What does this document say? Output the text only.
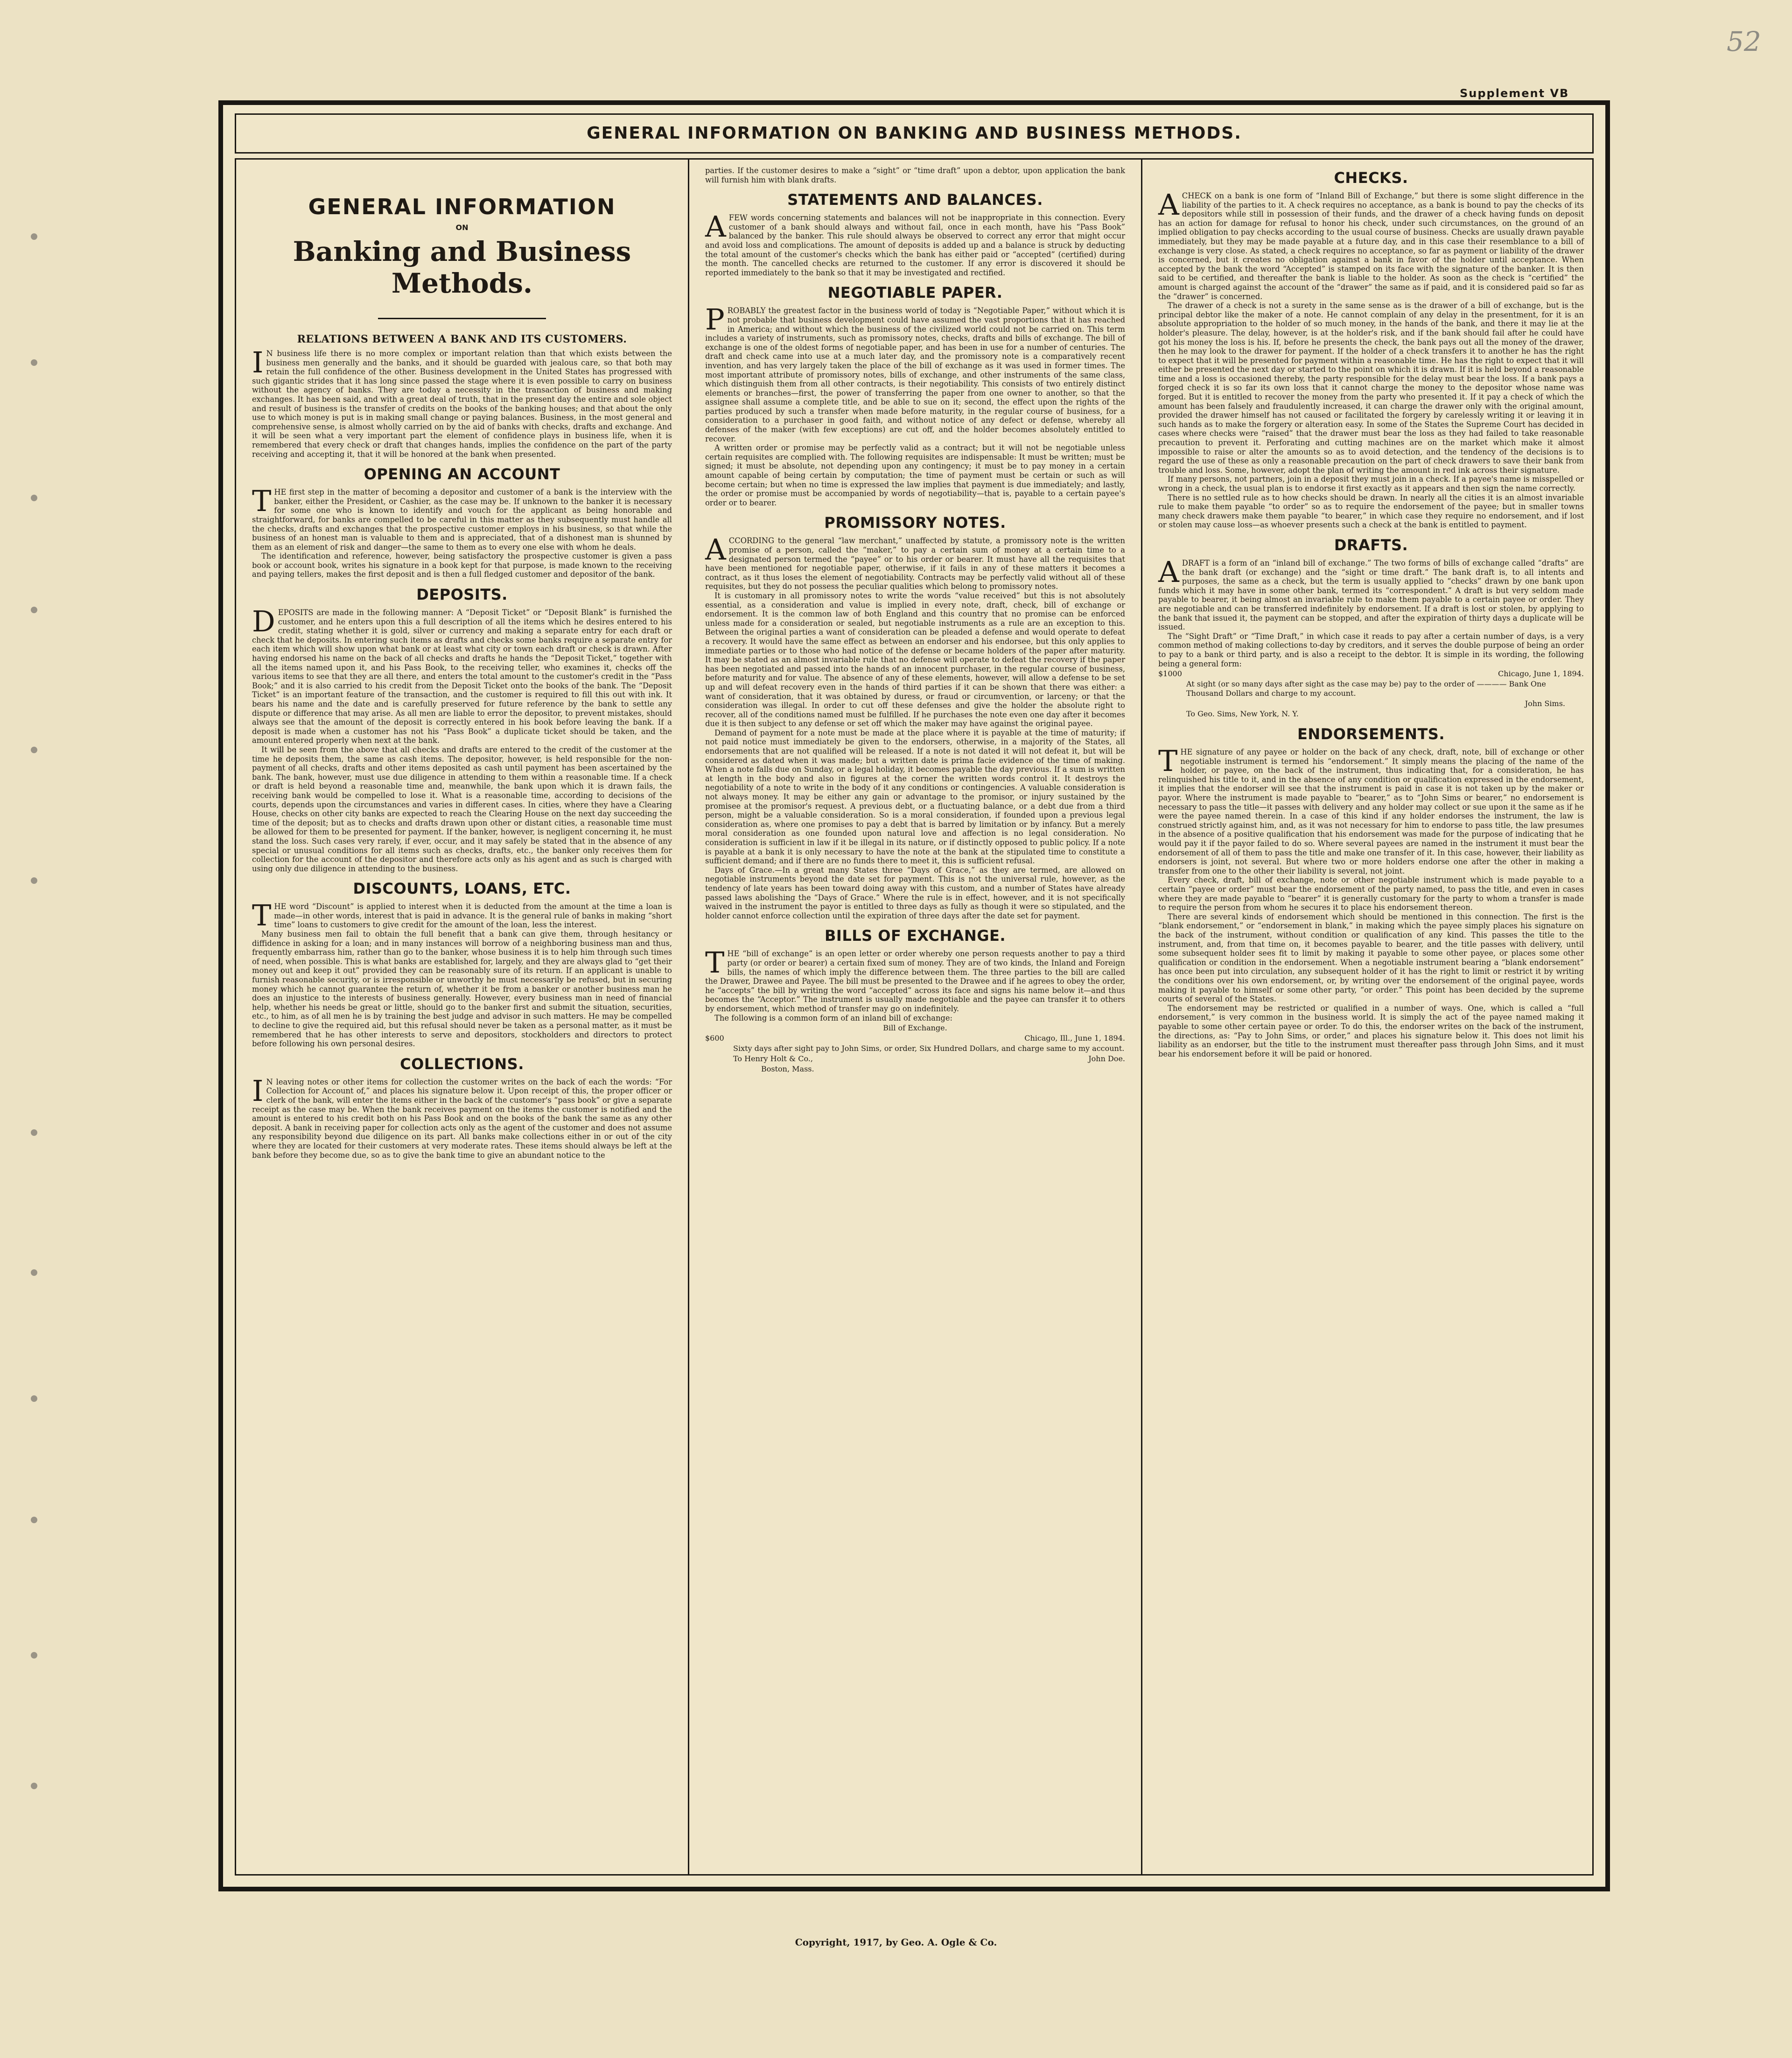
52
Supplement VB
GENERAL INFORMATION ON BANKING AND BUSINESS METHODS.
GENERAL INFORMATION
ON
Banking and Business Methods.
RELATIONS BETWEEN A BANK AND ITS CUSTOMERS.

I N business life there is no more complex or important relation than that which exists between the business men generally and the banks, and it should be guarded with jealous care, so that both may retain the full confidence of the other. Business development in the United States has progressed with such gigantic strides that it has long since passed the stage where it is even possible to carry on business without the agency of banks. They are today a necessity in the transaction of business and making exchanges. It has been said, and with a great deal of truth, that in the present day the entire and sole object and result of business is the transfer of credits on the books of the banking houses; and that about the only use to which money is put is in making small change or paying balances. Business, in the most general and comprehensive sense, is almost wholly carried on by the aid of banks with checks, drafts and exchange. And it will be seen what a very important part the element of confidence plays in business life, when it is remembered that every check or draft that changes hands, implies the confidence on the part of the party receiving and accepting it, that it will be honored at the bank when presented.

OPENING AN ACCOUNT

THE first step in the matter of becoming a depositor and customer of a bank is the interview with the banker, either the President, or Cashier, as the case may be. If unknown to the banker it is necessary for some one who is known to identify and vouch for the applicant as being honorable and straightforward, for banks are compelled to be careful in this matter as they subsequently must handle all the checks, drafts and exchanges that the prospective customer employs in his business, so that while the business of an honest man is valuable to them and is appreciated, that of a dishonest man is shunned by them as an element of risk and danger—the same to them as to every one else with whom he deals.

The identification and reference, however, being satisfactory the prospective customer is given a pass book or account book, writes his signature in a book kept for that purpose, is made known to the receiving and paying tellers, makes the first deposit and is then a full fledged customer and depositor of the bank.

DEPOSITS.

DEPOSITS are made in the following manner: A “Deposit Ticket” or “Deposit Blank” is furnished the customer, and he enters upon this a full description of all the items which he desires entered to his credit, stating whether it is gold, silver or currency and making a separate entry for each draft or check that he deposits. In entering such items as drafts and checks some banks require a separate entry for each item which will show upon what bank or at least what city or town each draft or check is drawn. After having endorsed his name on the back of all checks and drafts he hands the “Deposit Ticket,” together with all the items named upon it, and his Pass Book, to the receiving teller, who examines it, checks off the various items to see that they are all there, and enters the total amount to the customer's credit in the “Pass Book;” and it is also carried to his credit from the Deposit Ticket onto the books of the bank. The “Deposit Ticket” is an important feature of the transaction, and the customer is required to fill this out with ink. It bears his name and the date and is carefully preserved for future reference by the bank to settle any dispute or difference that may arise. As all men are liable to error the depositor, to prevent mistakes, should always see that the amount of the deposit is correctly entered in his book before leaving the bank. If a deposit is made when a customer has not his “Pass Book” a duplicate ticket should be taken, and the amount entered properly when next at the bank.

It will be seen from the above that all checks and drafts are entered to the credit of the customer at the time he deposits them, the same as cash items. The depositor, however, is held responsible for the non-payment of all checks, drafts and other items deposited as cash until payment has been ascertained by the bank. The bank, however, must use due diligence in attending to them within a reasonable time. If a check or draft is held beyond a reasonable time and, meanwhile, the bank upon which it is drawn fails, the receiving bank would be compelled to lose it. What is a reasonable time, according to decisions of the courts, depends upon the circumstances and varies in different cases. In cities, where they have a Clearing House, checks on other city banks are expected to reach the Clearing House on the next day succeeding the time of the deposit; but as to checks and drafts drawn upon other or distant cities, a reasonable time must be allowed for them to be presented for payment. If the banker, however, is negligent concerning it, he must stand the loss. Such cases very rarely, if ever, occur, and it may safely be stated that in the absence of any special or unusual conditions for all items such as checks, drafts, etc., the banker only receives them for collection for the account of the depositor and therefore acts only as his agent and as such is charged with using only due diligence in attending to the business.

DISCOUNTS, LOANS, ETC.

THE word “Discount” is applied to interest when it is deducted from the amount at the time a loan is made—in other words, interest that is paid in advance. It is the general rule of banks in making “short time” loans to customers to give credit for the amount of the loan, less the interest.

Many business men fail to obtain the full benefit that a bank can give them, through hesitancy or diffidence in asking for a loan; and in many instances will borrow of a neighboring business man and thus, frequently embarrass him, rather than go to the banker, whose business it is to help him through such times of need, when possible. This is what banks are established for, largely, and they are always glad to “get their money out and keep it out” provided they can be reasonably sure of its return. If an applicant is unable to furnish reasonable security, or is irresponsible or unworthy he must necessarily be refused, but in securing money which he cannot guarantee the return of, whether it be from a banker or another business man he does an injustice to the interests of business generally. However, every business man in need of financial help, whether his needs be great or little, should go to the banker first and submit the situation, securities, etc., to him, as of all men he is by training the best judge and advisor in such matters. He may be compelled to decline to give the required aid, but this refusal should never be taken as a personal matter, as it must be remembered that he has other interests to serve and depositors, stockholders and directors to protect before following his own personal desires.

COLLECTIONS.

I N leaving notes or other items for collection the customer writes on the back of each the words: “For Collection for Account of,” and places his signature below it. Upon receipt of this, the proper officer or clerk of the bank, will enter the items either in the back of the customer's “pass book” or give a separate receipt as the case may be. When the bank receives payment on the items the customer is notified and the amount is entered to his credit both on his Pass Book and on the books of the bank the same as any other deposit. A bank in receiving paper for collection acts only as the agent of the customer and does not assume any responsibility beyond due diligence on its part. All banks make collections either in or out of the city where they are located for their customers at very moderate rates. These items should always be left at the bank before they become due, so as to give the bank time to give an abundant notice to the

parties. If the customer desires to make a “sight” or “time draft” upon a debtor, upon application the bank will furnish him with blank drafts.

STATEMENTS AND BALANCES.

AFEW words concerning statements and balances will not be inappropriate in this connection. Every customer of a bank should always and without fail, once in each month, have his “Pass Book” balanced by the banker. This rule should always be observed to correct any error that might occur and avoid loss and complications. The amount of deposits is added up and a balance is struck by deducting the total amount of the customer's checks which the bank has either paid or “accepted” (certified) during the month. The cancelled checks are returned to the customer. If any error is discovered it should be reported immediately to the bank so that it may be investigated and rectified.

NEGOTIABLE PAPER.

PROBABLY the greatest factor in the business world of today is “Negotiable Paper,” without which it is not probable that business development could have assumed the vast proportions that it has reached in America; and without which the business of the civilized world could not be carried on. This term includes a variety of instruments, such as promissory notes, checks, drafts and bills of exchange. The bill of exchange is one of the oldest forms of negotiable paper, and has been in use for a number of centuries. The draft and check came into use at a much later day, and the promissory note is a comparatively recent invention, and has very largely taken the place of the bill of exchange as it was used in former times. The most important attribute of promissory notes, bills of exchange, and other instruments of the same class, which distinguish them from all other contracts, is their negotiability. This consists of two entirely distinct elements or branches—first, the power of transferring the paper from one owner to another, so that the assignee shall assume a complete title, and be able to sue on it; second, the effect upon the rights of the parties produced by such a transfer when made before maturity, in the regular course of business, for a consideration to a purchaser in good faith, and without notice of any defect or defense, whereby all defenses of the maker (with few exceptions) are cut off, and the holder becomes absolutely entitled to recover.

A written order or promise may be perfectly valid as a contract; but it will not be negotiable unless certain requisites are complied with. The following requisites are indispensable: It must be written; must be signed; it must be absolute, not depending upon any contingency; it must be to pay money in a certain amount capable of being certain by computation; the time of payment must be certain or such as will become certain; but when no time is expressed the law implies that payment is due immediately; and lastly, the order or promise must be accompanied by words of negotiability—that is, payable to a certain payee's order or to bearer.

PROMISSORY NOTES.

ACCORDING to the general “law merchant,” unaffected by statute, a promissory note is the written promise of a person, called the “maker,” to pay a certain sum of money at a certain time to a designated person termed the “payee” or to his order or bearer. It must have all the requisites that have been mentioned for negotiable paper, otherwise, if it fails in any of these matters it becomes a contract, as it thus loses the element of negotiability. Contracts may be perfectly valid without all of these requisites, but they do not possess the peculiar qualities which belong to promissory notes.

It is customary in all promissory notes to write the words “value received” but this is not absolutely essential, as a consideration and value is implied in every note, draft, check, bill of exchange or endorsement. It is the common law of both England and this country that no promise can be enforced unless made for a consideration or sealed, but negotiable instruments as a rule are an exception to this. Between the original parties a want of consideration can be pleaded a defense and would operate to defeat a recovery. It would have the same effect as between an endorser and his endorsee, but this only applies to immediate parties or to those who had notice of the defense or became holders of the paper after maturity. It may be stated as an almost invariable rule that no defense will operate to defeat the recovery if the paper has been negotiated and passed into the hands of an innocent purchaser, in the regular course of business, before maturity and for value. The absence of any of these elements, however, will allow a defense to be set up and will defeat recovery even in the hands of third parties if it can be shown that there was either: a want of consideration, that it was obtained by duress, or fraud or circumvention, or larceny; or that the consideration was illegal. In order to cut off these defenses and give the holder the absolute right to recover, all of the conditions named must be fulfilled. If he purchases the note even one day after it becomes due it is then subject to any defense or set off which the maker may have against the original payee.

Demand of payment for a note must be made at the place where it is payable at the time of maturity; if not paid notice must immediately be given to the endorsers, otherwise, in a majority of the States, all endorsements that are not qualified will be released. If a note is not dated it will not defeat it, but will be considered as dated when it was made; but a written date is prima facie evidence of the time of making. When a note falls due on Sunday, or a legal holiday, it becomes payable the day previous. If a sum is written at length in the body and also in figures at the corner the written words control it. It destroys the negotiability of a note to write in the body of it any conditions or contingencies. A valuable consideration is not always money. It may be either any gain or advantage to the promisor, or injury sustained by the promisee at the promisor's request. A previous debt, or a fluctuating balance, or a debt due from a third person, might be a valuable consideration. So is a moral consideration, if founded upon a previous legal consideration as, where one promises to pay a debt that is barred by limitation or by infancy. But a merely moral consideration as one founded upon natural love and affection is no legal consideration. No consideration is sufficient in law if it be illegal in its nature, or if distinctly opposed to public policy. If a note is payable at a bank it is only necessary to have the note at the bank at the stipulated time to constitute a sufficient demand; and if there are no funds there to meet it, this is sufficient refusal.

Days of Grace.—In a great many States three “Days of Grace,” as they are termed, are allowed on negotiable instruments beyond the date set for payment. This is not the universal rule, however, as the tendency of late years has been toward doing away with this custom, and a number of States have already passed laws abolishing the “Days of Grace.” Where the rule is in effect, however, and it is not specifically waived in the instrument the payor is entitled to three days as fully as though it were so stipulated, and the holder cannot enforce collection until the expiration of three days after the date set for payment.

BILLS OF EXCHANGE.

THE “bill of exchange” is an open letter or order whereby one person requests another to pay a third party (or order or bearer) a certain fixed sum of money. They are of two kinds, the Inland and Foreign bills, the names of which imply the difference between them. The three parties to the bill are called the Drawer, Drawee and Payee. The bill must be presented to the Drawee and if he agrees to obey the order, he “accepts” the bill by writing the word “accepted” across its face and signs his name below it—and thus becomes the “Acceptor.” The instrument is usually made negotiable and the payee can transfer it to others by endorsement, which method of transfer may go on indefinitely.

The following is a common form of an inland bill of exchange:

Bill of Exchange.
$600	Chicago, Ill., June 1, 1894.
Sixty days after sight pay to John Sims, or order, Six Hundred Dollars, and charge same to my account.
To Henry Holt & Co.,	John Doe.
Boston, Mass.
CHECKS.

ACHECK on a bank is one form of “Inland Bill of Exchange,” but there is some slight difference in the liability of the parties to it. A check requires no acceptance, as a bank is bound to pay the checks of its depositors while still in possession of their funds, and the drawer of a check having funds on deposit has an action for damage for refusal to honor his check, under such circumstances, on the ground of an implied obligation to pay checks according to the usual course of business. Checks are usually drawn payable immediately, but they may be made payable at a future day, and in this case their resemblance to a bill of exchange is very close. As stated, a check requires no acceptance, so far as payment or liability of the drawer is concerned, but it creates no obligation against a bank in favor of the holder until acceptance. When accepted by the bank the word “Accepted” is stamped on its face with the signature of the banker. It is then said to be certified, and thereafter the bank is liable to the holder. As soon as the check is “certified” the amount is charged against the account of the “drawer” the same as if paid, and it is considered paid so far as the “drawer” is concerned.

The drawer of a check is not a surety in the same sense as is the drawer of a bill of exchange, but is the principal debtor like the maker of a note. He cannot complain of any delay in the presentment, for it is an absolute appropriation to the holder of so much money, in the hands of the bank, and there it may lie at the holder's pleasure. The delay, however, is at the holder's risk, and if the bank should fail after he could have got his money the loss is his. If, before he presents the check, the bank pays out all the money of the drawer, then he may look to the drawer for payment. If the holder of a check transfers it to another he has the right to expect that it will be presented for payment within a reasonable time. He has the right to expect that it will either be presented the next day or started to the point on which it is drawn. If it is held beyond a reasonable time and a loss is occasioned thereby, the party responsible for the delay must bear the loss. If a bank pays a forged check it is so far its own loss that it cannot charge the money to the depositor whose name was forged. But it is entitled to recover the money from the party who presented it. If it pay a check of which the amount has been falsely and fraudulently increased, it can charge the drawer only with the original amount, provided the drawer himself has not caused or facilitated the forgery by carelessly writing it or leaving it in such hands as to make the forgery or alteration easy. In some of the States the Supreme Court has decided in cases where checks were “raised” that the drawer must bear the loss as they had failed to take reasonable precaution to prevent it. Perforating and cutting machines are on the market which make it almost impossible to raise or alter the amounts so as to avoid detection, and the tendency of the decisions is to regard the use of these as only a reasonable precaution on the part of check drawers to save their bank from trouble and loss. Some, however, adopt the plan of writing the amount in red ink across their signature.

If many persons, not partners, join in a deposit they must join in a check. If a payee's name is misspelled or wrong in a check, the usual plan is to endorse it first exactly as it appears and then sign the name correctly.

There is no settled rule as to how checks should be drawn. In nearly all the cities it is an almost invariable rule to make them payable “to order” so as to require the endorsement of the payee; but in smaller towns many check drawers make them payable “to bearer,” in which case they require no endorsement, and if lost or stolen may cause loss—as whoever presents such a check at the bank is entitled to payment.

DRAFTS.

ADRAFT is a form of an “inland bill of exchange.” The two forms of bills of exchange called “drafts” are the bank draft (or exchange) and the “sight or time draft.” The bank draft is, to all intents and purposes, the same as a check, but the term is usually applied to “checks” drawn by one bank upon funds which it may have in some other bank, termed its “correspondent.” A draft is but very seldom made payable to bearer, it being almost an invariable rule to make them payable to a certain payee or order. They are negotiable and can be transferred indefinitely by endorsement. If a draft is lost or stolen, by applying to the bank that issued it, the payment can be stopped, and after the expiration of thirty days a duplicate will be issued.

The “Sight Draft” or “Time Draft,” in which case it reads to pay after a certain number of days, is a very common method of making collections to-day by creditors, and it serves the double purpose of being an order to pay to a bank or third party, and is also a receipt to the debtor. It is simple in its wording, the following being a general form:

$1000	Chicago, June 1, 1894.
At sight (or so many days after sight as the case may be) pay to the order of ———— Bank One Thousand Dollars and charge to my account.
John Sims.
To Geo. Sims, New York, N. Y.
ENDORSEMENTS.

THE signature of any payee or holder on the back of any check, draft, note, bill of exchange or other negotiable instrument is termed his “endorsement.” It simply means the placing of the name of the holder, or payee, on the back of the instrument, thus indicating that, for a consideration, he has relinquished his title to it, and in the absence of any condition or qualification expressed in the endorsement, it implies that the endorser will see that the instrument is paid in case it is not taken up by the maker or payor. Where the instrument is made payable to “bearer,” as to “John Sims or bearer,” no endorsement is necessary to pass the title—it passes with delivery and any holder may collect or sue upon it the same as if he were the payee named therein. In a case of this kind if any holder endorses the instrument, the law is construed strictly against him, and, as it was not necessary for him to endorse to pass title, the law presumes in the absence of a positive qualification that his endorsement was made for the purpose of indicating that he would pay it if the payor failed to do so. Where several payees are named in the instrument it must bear the endorsement of all of them to pass the title and make one transfer of it. In this case, however, their liability as endorsers is joint, not several. But where two or more holders endorse one after the other in making a transfer from one to the other their liability is several, not joint.

Every check, draft, bill of exchange, note or other negotiable instrument which is made payable to a certain “payee or order” must bear the endorsement of the party named, to pass the title, and even in cases where they are made payable to “bearer” it is generally customary for the party to whom a transfer is made to require the person from whom he secures it to place his endorsement thereon.

There are several kinds of endorsement which should be mentioned in this connection. The first is the “blank endorsement,” or “endorsement in blank,” in making which the payee simply places his signature on the back of the instrument, without condition or qualification of any kind. This passes the title to the instrument, and, from that time on, it becomes payable to bearer, and the title passes with delivery, until some subsequent holder sees fit to limit by making it payable to some other payee, or places some other qualification or condition in the endorsement. When a negotiable instrument bearing a “blank endorsement” has once been put into circulation, any subsequent holder of it has the right to limit or restrict it by writing the conditions over his own endorsement, or, by writing over the endorsement of the original payee, words making it payable to himself or some other party, “or order.” This point has been decided by the supreme courts of several of the States.

The endorsement may be restricted or qualified in a number of ways. One, which is called a “full endorsement,” is very common in the business world. It is simply the act of the payee named making it payable to some other certain payee or order. To do this, the endorser writes on the back of the instrument, the directions, as: “Pay to John Sims, or order,” and places his signature below it. This does not limit his liability as an endorser, but the title to the instrument must thereafter pass through John Sims, and it must bear his endorsement before it will be paid or honored.

Copyright, 1917, by Geo. A. Ogle & Co.
